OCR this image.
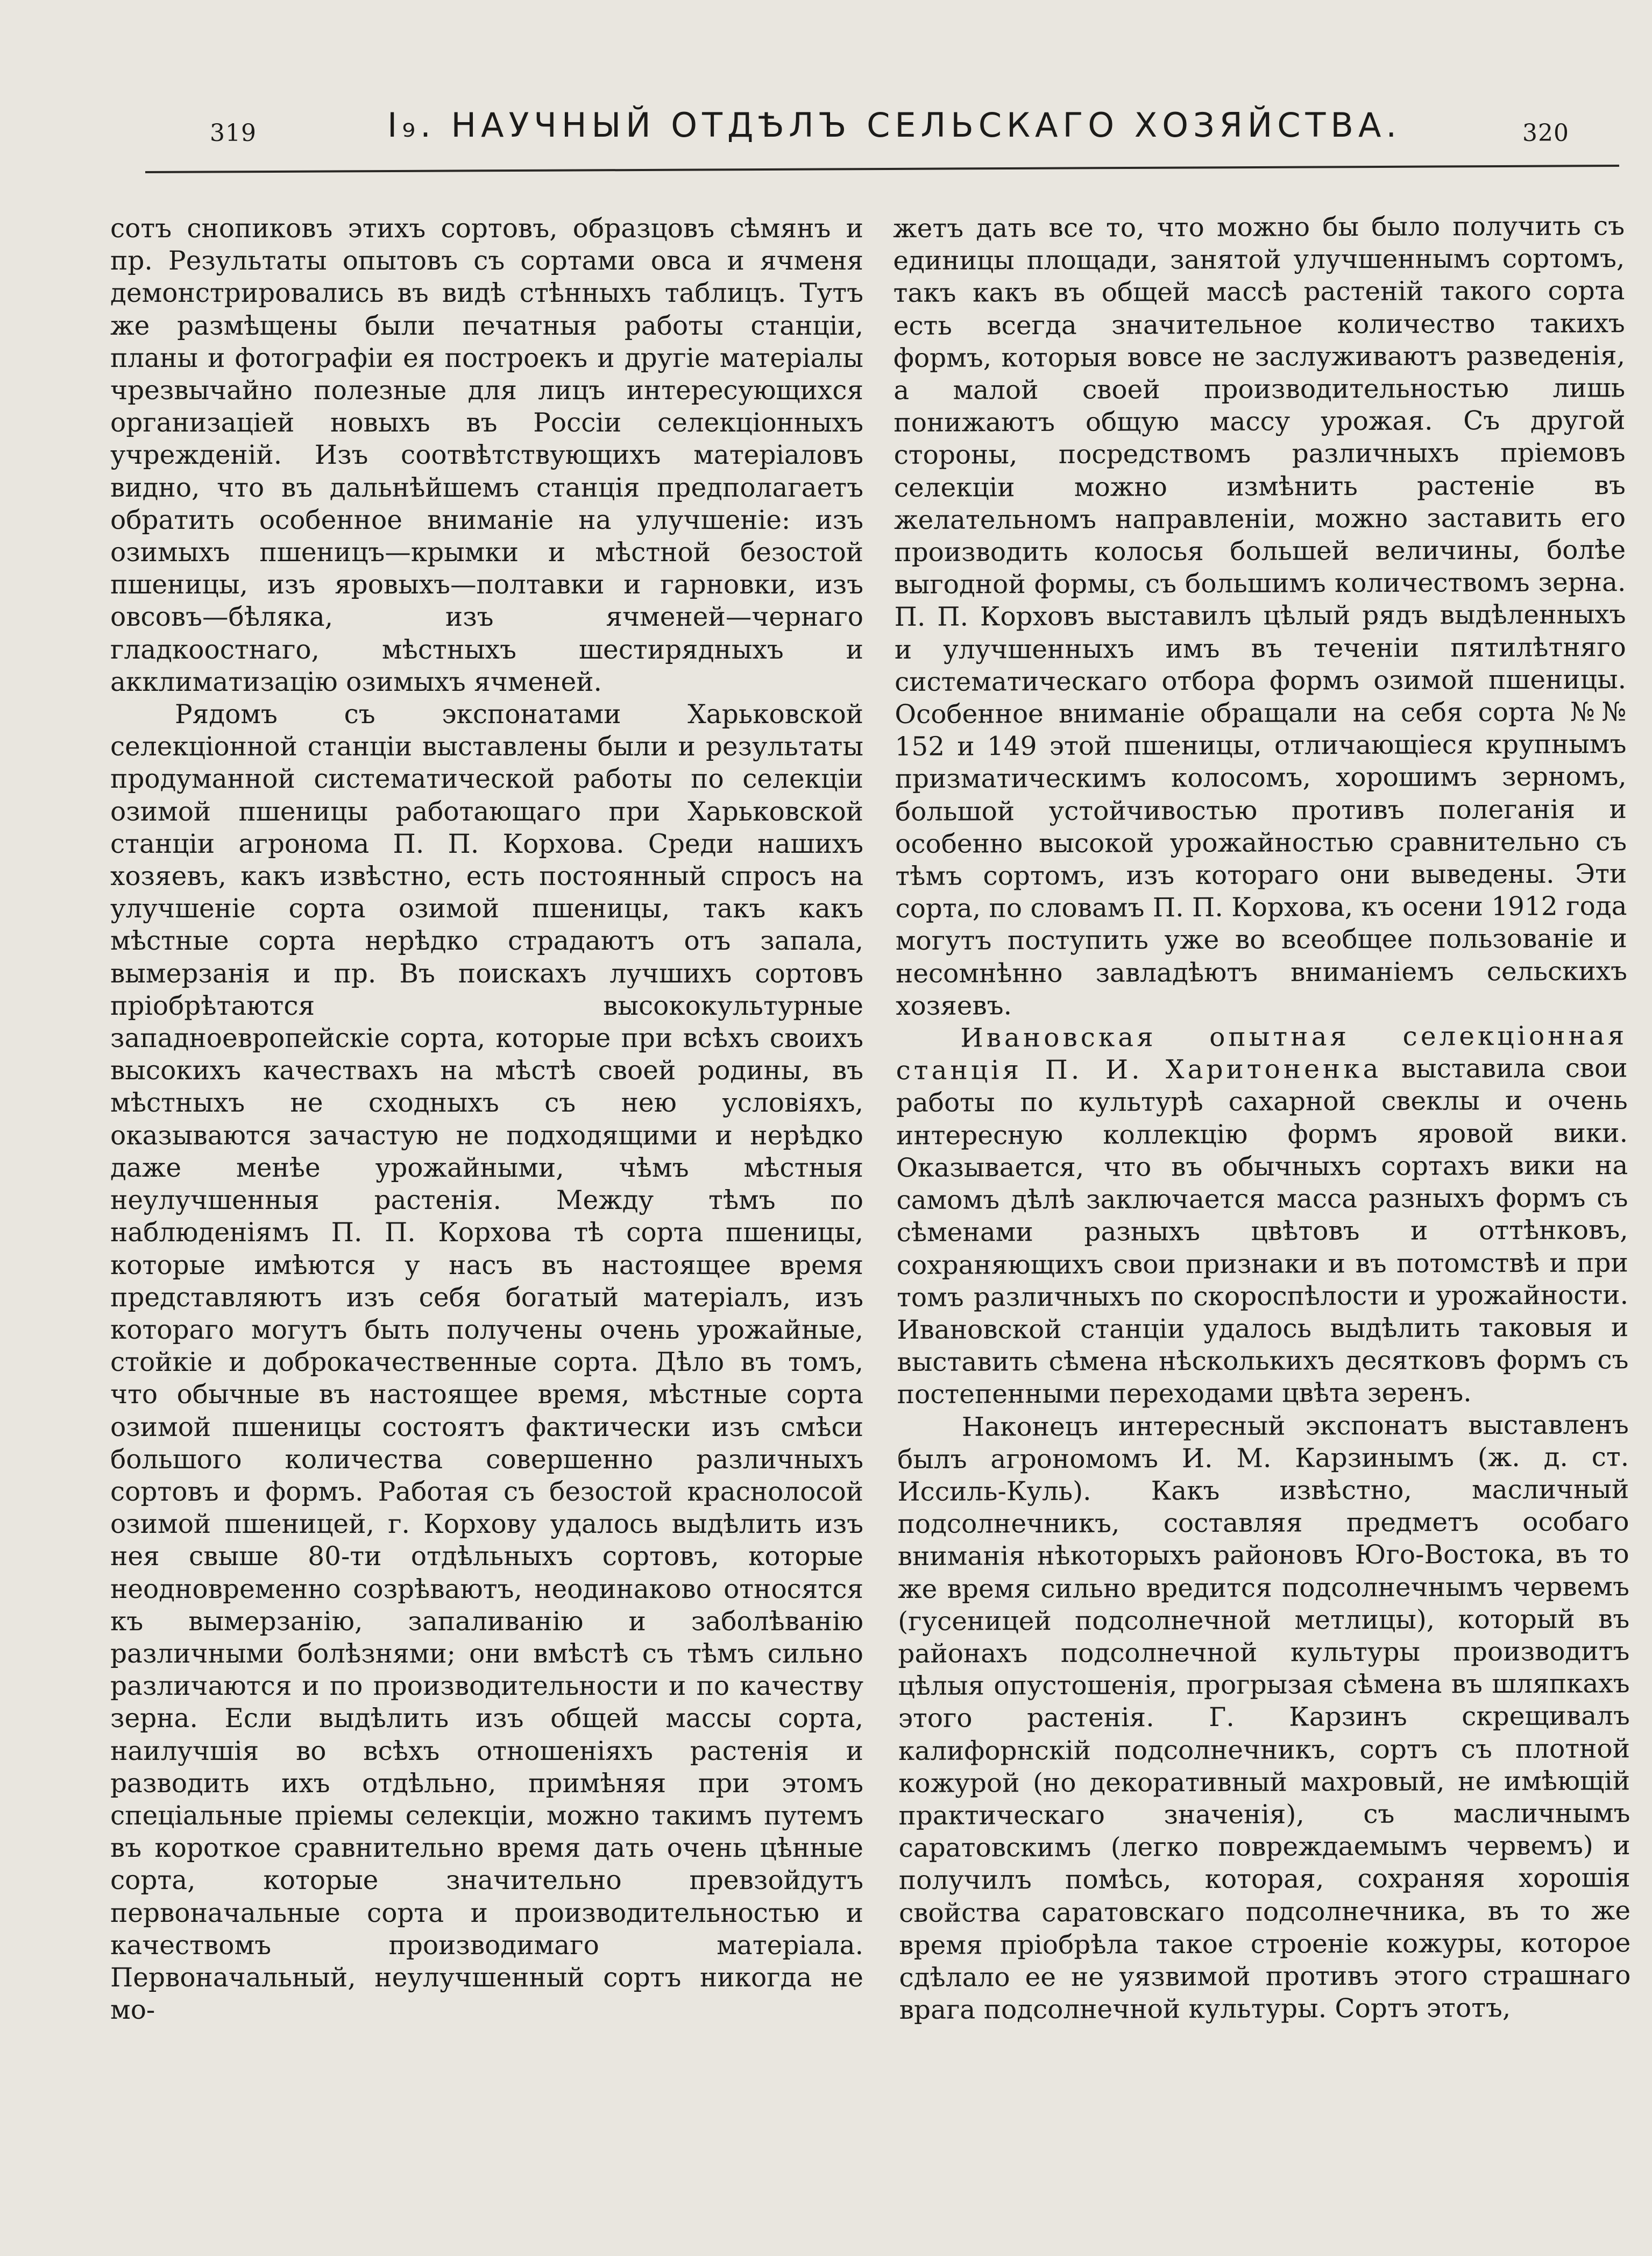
319	I₉. НАУЧНЫЙ ОТДѢЛЪ СЕЛЬСКАГО ХОЗЯЙСТВА.	320

сотъ снопиковъ этихъ сортовъ, образцовъ сѣмянъ и пр. Результаты опытовъ съ сортами овса и ячменя демонстрировались въ видѣ стѣнныхъ таблицъ. Тутъ же размѣщены были печатныя работы станціи, планы и фотографіи ея построекъ и другіе матеріалы чрезвычайно полезные для лицъ интересующихся организаціей новыхъ въ Россіи селекціонныхъ учрежденій. Изъ соотвѣтствующихъ матеріаловъ видно, что въ дальнѣйшемъ станція предполагаетъ обратить особенное вниманіе на улучшеніе: изъ озимыхъ пшеницъ—крымки и мѣстной безостой пшеницы, изъ яровыхъ—полтавки и гарновки, изъ овсовъ—бѣляка, изъ ячменей—чернаго гладкоостнаго, мѣстныхъ шестирядныхъ и акклиматизацію озимыхъ ячменей.

Рядомъ съ экспонатами Харьковской селекціонной станціи выставлены были и результаты продуманной систематической работы по селекціи озимой пшеницы работающаго при Харьковской станціи агронома П. П. Корхова. Среди нашихъ хозяевъ, какъ извѣстно, есть постоянный спросъ на улучшеніе сорта озимой пшеницы, такъ какъ мѣстные сорта нерѣдко страдаютъ отъ запала, вымерзанія и пр. Въ поискахъ лучшихъ сортовъ пріобрѣтаются высококультурные западноевропейскіе сорта, которые при всѣхъ своихъ высокихъ качествахъ на мѣстѣ своей родины, въ мѣстныхъ не сходныхъ съ нею условіяхъ, оказываются зачастую не подходящими и нерѣдко даже менѣе урожайными, чѣмъ мѣстныя неулучшенныя растенія. Между тѣмъ по наблюденіямъ П. П. Корхова тѣ сорта пшеницы, которые имѣются у насъ въ настоящее время представляютъ изъ себя богатый матеріалъ, изъ котораго могутъ быть получены очень урожайные, стойкіе и доброкачественные сорта. Дѣло въ томъ, что обычные въ настоящее время, мѣстные сорта озимой пшеницы состоятъ фактически изъ смѣси большого количества совершенно различныхъ сортовъ и формъ. Работая съ безостой краснолосой озимой пшеницей, г. Корхову удалось выдѣлить изъ нея свыше 80-ти отдѣльныхъ сортовъ, которые неодновременно созрѣваютъ, неодинаково относятся къ вымерзанію, запаливанію и заболѣванію различными болѣзнями; они вмѣстѣ съ тѣмъ сильно различаются и по производительности и по качеству зерна. Если выдѣлить изъ общей массы сорта, наилучшія во всѣхъ отношеніяхъ растенія и разводить ихъ отдѣльно, примѣняя при этомъ спеціальные пріемы селекціи, можно такимъ путемъ въ короткое сравнительно время дать очень цѣнные сорта, которые значительно превзойдутъ первоначальные сорта и производительностью и качествомъ производимаго матеріала. Первоначальный, неулучшенный сортъ никогда не мо-

жетъ дать все то, что можно бы было получить съ единицы площади, занятой улучшеннымъ сортомъ, такъ какъ въ общей массѣ растеній такого сорта есть всегда значительное количество такихъ формъ, которыя вовсе не заслуживаютъ разведенія, а малой своей производительностью лишь понижаютъ общую массу урожая. Съ другой стороны, посредствомъ различныхъ пріемовъ селекціи можно измѣнить растеніе въ желательномъ направленіи, можно заставить его производить колосья большей величины, болѣе выгодной формы, съ большимъ количествомъ зерна. П. П. Корховъ выставилъ цѣлый рядъ выдѣленныхъ и улучшенныхъ имъ въ теченіи пятилѣтняго систематическаго отбора формъ озимой пшеницы. Особенное вниманіе обращали на себя сорта №№ 152 и 149 этой пшеницы, отличающіеся крупнымъ призматическимъ колосомъ, хорошимъ зерномъ, большой устойчивостью противъ полеганія и особенно высокой урожайностью сравнительно съ тѣмъ сортомъ, изъ котораго они выведены. Эти сорта, по словамъ П. П. Корхова, къ осени 1912 года могутъ поступить уже во всеобщее пользованіе и несомнѣнно завладѣютъ вниманіемъ сельскихъ хозяевъ.

Ивановская опытная селекціонная станція П. И. Харитоненка выставила свои работы по культурѣ сахарной свеклы и очень интересную коллекцію формъ яровой вики. Оказывается, что въ обычныхъ сортахъ вики на самомъ дѣлѣ заключается масса разныхъ формъ съ сѣменами разныхъ цвѣтовъ и оттѣнковъ, сохраняющихъ свои признаки и въ потомствѣ и при томъ различныхъ по скороспѣлости и урожайности. Ивановской станціи удалось выдѣлить таковыя и выставить сѣмена нѣсколькихъ десятковъ формъ съ постепенными переходами цвѣта зеренъ.

Наконецъ интересный экспонатъ выставленъ былъ агрономомъ И. М. Карзинымъ (ж. д. ст. Иссиль-Куль). Какъ извѣстно, масличный подсолнечникъ, составляя предметъ особаго вниманія нѣкоторыхъ районовъ Юго-Востока, въ то же время сильно вредится подсолнечнымъ червемъ (гусеницей подсолнечной метлицы), который въ районахъ подсолнечной культуры производитъ цѣлыя опустошенія, прогрызая сѣмена въ шляпкахъ этого растенія. Г. Карзинъ скрещивалъ калифорнскій подсолнечникъ, сортъ съ плотной кожурой (но декоративный махровый, не имѣющій практическаго значенія), съ масличнымъ саратовскимъ (легко повреждаемымъ червемъ) и получилъ помѣсь, которая, сохраняя хорошія свойства саратовскаго подсолнечника, въ то же время пріобрѣла такое строеніе кожуры, которое сдѣлало ее не уязвимой противъ этого страшнаго врага подсолнечной культуры. Сортъ этотъ,
